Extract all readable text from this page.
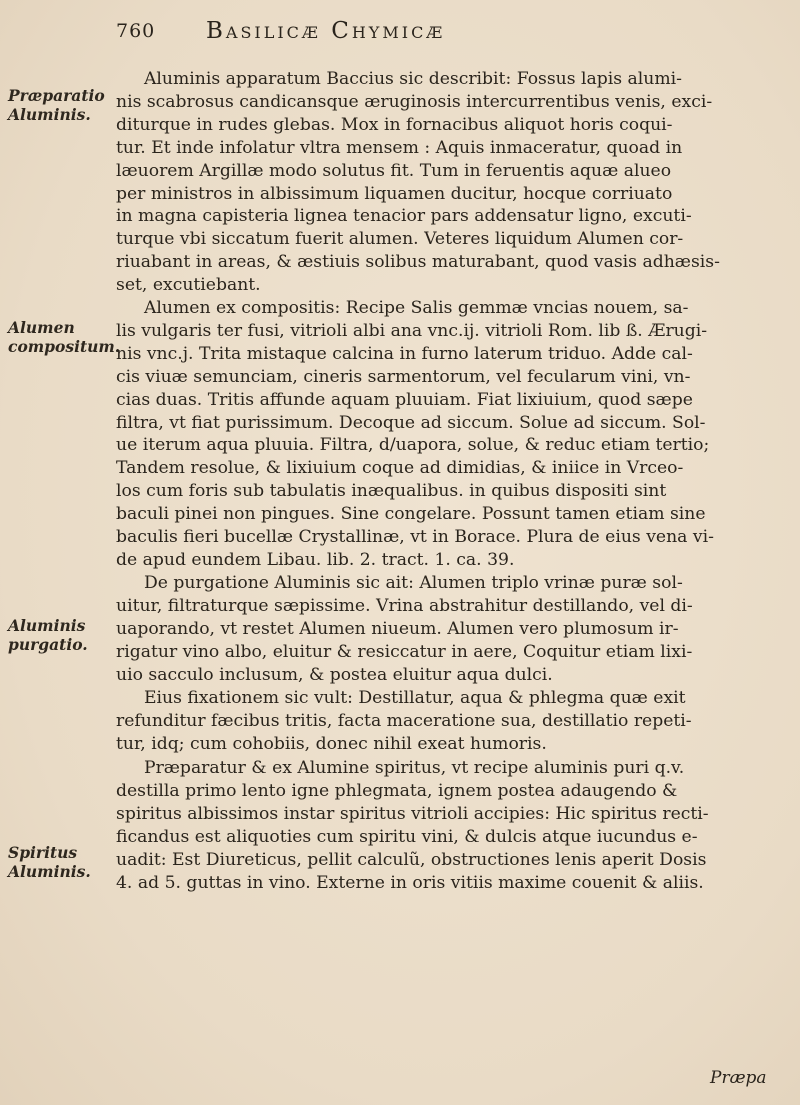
760 Basilicæ Chymicæ
Præparatio
Aluminis.
Alumen
compositum.
Aluminis
purgatio.
Spiritus
Aluminis.
Aluminis apparatum Baccius sic describit: Fossus lapis alumi-
nis scabrosus candicansque æruginosis intercurrentibus venis, exci-
diturque in rudes glebas. Mox in fornacibus aliquot horis coqui-
tur. Et inde infolatur vltra mensem : Aquis inmaceratur, quoad in
læuorem Argillæ modo solutus fit. Tum in feruentis aquæ alueo
per ministros in albissimum liquamen ducitur, hocque corriuato
in magna capisteria lignea tenacior pars addensatur ligno, excuti-
turque vbi siccatum fuerit alumen. Veteres liquidum Alumen cor-
riuabant in areas, & æstiuis solibus maturabant, quod vasis adhæsis-
set, excutiebant.
Alumen ex compositis: Recipe Salis gemmæ vncias nouem, sa-
lis vulgaris ter fusi, vitrioli albi ana vnc.ij. vitrioli Rom. lib ß. Ærugi-
nis vnc.j. Trita mistaque calcina in furno laterum triduo. Adde cal-
cis viuæ semunciam, cineris sarmentorum, vel fecularum vini, vn-
cias duas. Tritis affunde aquam pluuiam. Fiat lixiuium, quod sæpe
filtra, vt fiat purissimum. Decoque ad siccum. Solue ad siccum. Sol-
ue iterum aqua pluuia. Filtra, d/uapora, solue, & reduc etiam tertio;
Tandem resolue, & lixiuium coque ad dimidias, & iniice in Vrceo-
los cum foris sub tabulatis inæqualibus. in quibus dispositi sint
baculi pinei non pingues. Sine congelare. Possunt tamen etiam sine
baculis fieri bucellæ Crystallinæ, vt in Borace. Plura de eius vena vi-
de apud eundem Libau. lib. 2. tract. 1. ca. 39.
De purgatione Aluminis sic ait: Alumen triplo vrinæ puræ sol-
uitur, filtraturque sæpissime. Vrina abstrahitur destillando, vel di-
uaporando, vt restet Alumen niueum. Alumen vero plumosum ir-
rigatur vino albo, eluitur & resiccatur in aere, Coquitur etiam lixi-
uio sacculo inclusum, & postea eluitur aqua dulci.
Eius fixationem sic vult: Destillatur, aqua & phlegma quæ exit
refunditur fæcibus tritis, facta maceratione sua, destillatio repeti-
tur, idq; cum cohobiis, donec nihil exeat humoris.
Præparatur & ex Alumine spiritus, vt recipe aluminis puri q.v.
destilla primo lento igne phlegmata, ignem postea adaugendo &
spiritus albissimos instar spiritus vitrioli accipies: Hic spiritus recti-
ficandus est aliquoties cum spiritu vini, & dulcis atque iucundus e-
uadit: Est Diureticus, pellit calculũ, obstructiones lenis aperit Dosis
4. ad 5. guttas in vino. Externe in oris vitiis maxime couenit & aliis.
Præpa
